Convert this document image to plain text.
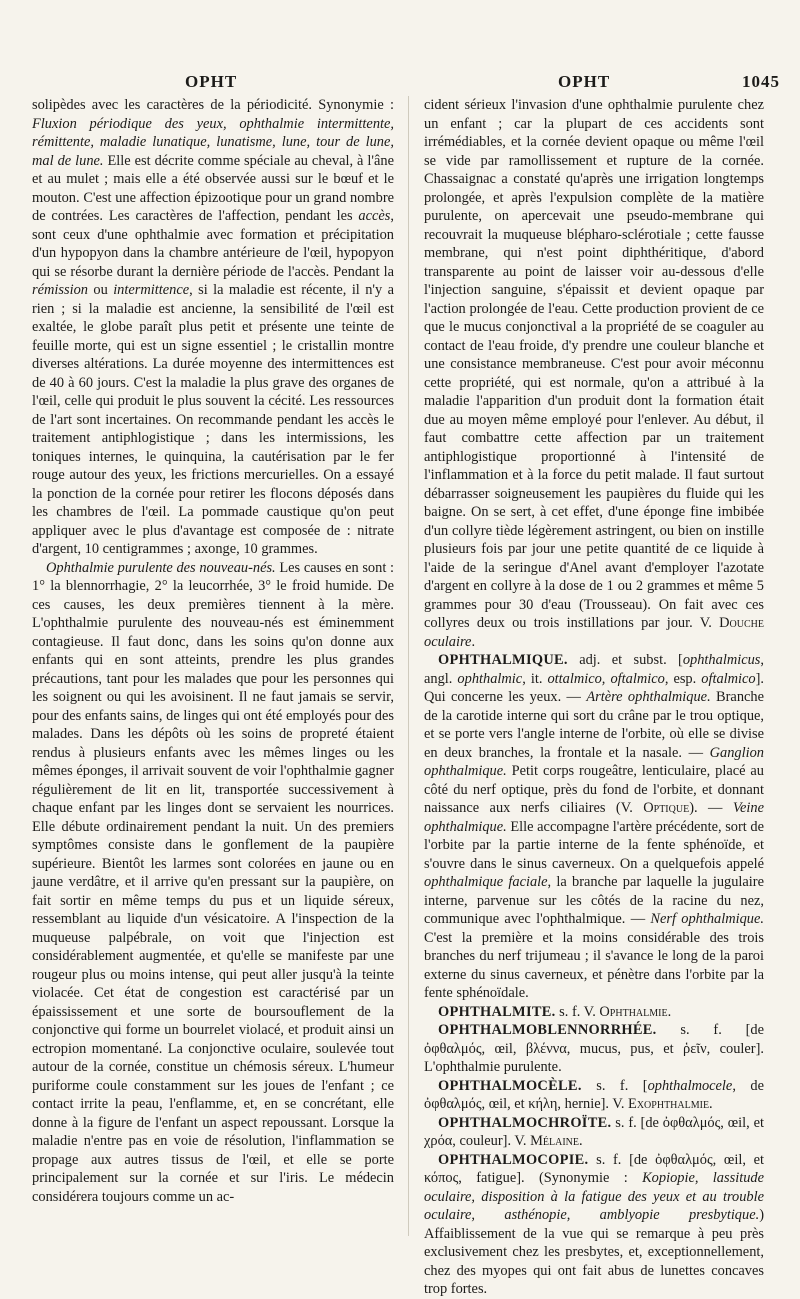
OPHT	OPHT	1045

solipèdes avec les caractères de la périodicité. Synonymie : Fluxion périodique des yeux, ophthalmie intermittente, rémittente, maladie lunatique, lunatisme, lune, tour de lune, mal de lune. Elle est décrite comme spéciale au cheval, à l'âne et au mulet ; mais elle a été observée aussi sur le bœuf et le mouton. C'est une affection épizootique pour un grand nombre de contrées. Les caractères de l'affection, pendant les accès, sont ceux d'une ophthalmie avec formation et précipitation d'un hypopyon dans la chambre antérieure de l'œil, hypopyon qui se résorbe durant la dernière période de l'accès. Pendant la rémission ou intermittence, si la maladie est récente, il n'y a rien ; si la maladie est ancienne, la sensibilité de l'œil est exaltée, le globe paraît plus petit et présente une teinte de feuille morte, qui est un signe essentiel ; le cristallin montre diverses altérations. La durée moyenne des intermittences est de 40 à 60 jours. C'est la maladie la plus grave des organes de l'œil, celle qui produit le plus souvent la cécité. Les ressources de l'art sont incertaines. On recommande pendant les accès le traitement antiphlogistique ; dans les intermissions, les toniques internes, le quinquina, la cautérisation par le fer rouge autour des yeux, les frictions mercurielles. On a essayé la ponction de la cornée pour retirer les flocons déposés dans les chambres de l'œil. La pommade caustique qu'on peut appliquer avec le plus d'avantage est composée de : nitrate d'argent, 10 centigrammes ; axonge, 10 grammes.

Ophthalmie purulente des nouveau-nés. Les causes en sont : 1° la blennorrhagie, 2° la leucorrhée, 3° le froid humide. De ces causes, les deux premières tiennent à la mère. L'ophthalmie purulente des nouveau-nés est éminemment contagieuse. Il faut donc, dans les soins qu'on donne aux enfants qui en sont atteints, prendre les plus grandes précautions, tant pour les malades que pour les personnes qui les soignent ou qui les avoisinent. Il ne faut jamais se servir, pour des enfants sains, de linges qui ont été employés pour des malades. Dans les dépôts où les soins de propreté étaient rendus à plusieurs enfants avec les mêmes linges ou les mêmes éponges, il arrivait souvent de voir l'ophthalmie gagner régulièrement de lit en lit, transportée successivement à chaque enfant par les linges dont se servaient les nourrices. Elle débute ordinairement pendant la nuit. Un des premiers symptômes consiste dans le gonflement de la paupière supérieure. Bientôt les larmes sont colorées en jaune ou en jaune verdâtre, et il arrive qu'en pressant sur la paupière, on fait sortir en même temps du pus et un liquide séreux, ressemblant au liquide d'un vésicatoire. A l'inspection de la muqueuse palpébrale, on voit que l'injection est considérablement augmentée, et qu'elle se manifeste par une rougeur plus ou moins intense, qui peut aller jusqu'à la teinte violacée. Cet état de congestion est caractérisé par un épaississement et une sorte de boursouflement de la conjonctive qui forme un bourrelet violacé, et produit ainsi un ectropion momentané. La conjonctive oculaire, soulevée tout autour de la cornée, constitue un chémosis séreux. L'humeur puriforme coule constamment sur les joues de l'enfant ; ce contact irrite la peau, l'enflamme, et, en se concrétant, elle donne à la figure de l'enfant un aspect repoussant. Lorsque la maladie n'entre pas en voie de résolution, l'inflammation se propage aux autres tissus de l'œil, et elle se porte principalement sur la cornée et sur l'iris. Le médecin considérera toujours comme un ac-

cident sérieux l'invasion d'une ophthalmie purulente chez un enfant ; car la plupart de ces accidents sont irrémédiables, et la cornée devient opaque ou même l'œil se vide par ramollissement et rupture de la cornée. Chassaignac a constaté qu'après une irrigation longtemps prolongée, et après l'expulsion complète de la matière purulente, on apercevait une pseudo-membrane qui recouvrait la muqueuse blépharo-sclérotiale ; cette fausse membrane, qui n'est point diphthéritique, d'abord transparente au point de laisser voir au-dessous d'elle l'injection sanguine, s'épaissit et devient opaque par l'action prolongée de l'eau. Cette production provient de ce que le mucus conjonctival a la propriété de se coaguler au contact de l'eau froide, d'y prendre une couleur blanche et une consistance membraneuse. C'est pour avoir méconnu cette propriété, qui est normale, qu'on a attribué à la maladie l'apparition d'un produit dont la formation était due au moyen même employé pour l'enlever. Au début, il faut combattre cette affection par un traitement antiphlogistique proportionné à l'intensité de l'inflammation et à la force du petit malade. Il faut surtout débarrasser soigneusement les paupières du fluide qui les baigne. On se sert, à cet effet, d'une éponge fine imbibée d'un collyre tiède légèrement astringent, ou bien on instille plusieurs fois par jour une petite quantité de ce liquide à l'aide de la seringue d'Anel avant d'employer l'azotate d'argent en collyre à la dose de 1 ou 2 grammes et même 5 grammes pour 30 d'eau (Trousseau). On fait avec ces collyres deux ou trois instillations par jour. V. Douche oculaire.

OPHTHALMIQUE. adj. et subst. [ophthalmicus, angl. ophthalmic, it. ottalmico, oftalmico, esp. oftalmico]. Qui concerne les yeux. — Artère ophthalmique. Branche de la carotide interne qui sort du crâne par le trou optique, et se porte vers l'angle interne de l'orbite, où elle se divise en deux branches, la frontale et la nasale. — Ganglion ophthalmique. Petit corps rougeâtre, lenticulaire, placé au côté du nerf optique, près du fond de l'orbite, et donnant naissance aux nerfs ciliaires (V. Optique). — Veine ophthalmique. Elle accompagne l'artère précédente, sort de l'orbite par la partie interne de la fente sphénoïde, et s'ouvre dans le sinus caverneux. On a quelquefois appelé ophthalmique faciale, la branche par laquelle la jugulaire interne, parvenue sur les côtés de la racine du nez, communique avec l'ophthalmique. — Nerf ophthalmique. C'est la première et la moins considérable des trois branches du nerf trijumeau ; il s'avance le long de la paroi externe du sinus caverneux, et pénètre dans l'orbite par la fente sphénoïdale.

OPHTHALMITE. s. f. V. Ophthalmie.

OPHTHALMOBLENNORRHÉE. s. f. [de ὀφθαλμός, œil, βλέννα, mucus, pus, et ῥεῖν, couler]. L'ophthalmie purulente.

OPHTHALMOCÈLE. s. f. [ophthalmocele, de ὀφθαλμός, œil, et κήλη, hernie]. V. Exophthalmie.

OPHTHALMOCHROÏTE. s. f. [de ὀφθαλμός, œil, et χρόα, couleur]. V. Mélaine.

OPHTHALMOCOPIE. s. f. [de ὀφθαλμός, œil, et κόπος, fatigue]. (Synonymie : Kopiopie, lassitude oculaire, disposition à la fatigue des yeux et au trouble oculaire, asthénopie, amblyopie presbytique.) Affaiblissement de la vue qui se remarque à peu près exclusivement chez les presbytes, et, exceptionnellement, chez des myopes qui ont fait abus de lunettes concaves trop fortes.
